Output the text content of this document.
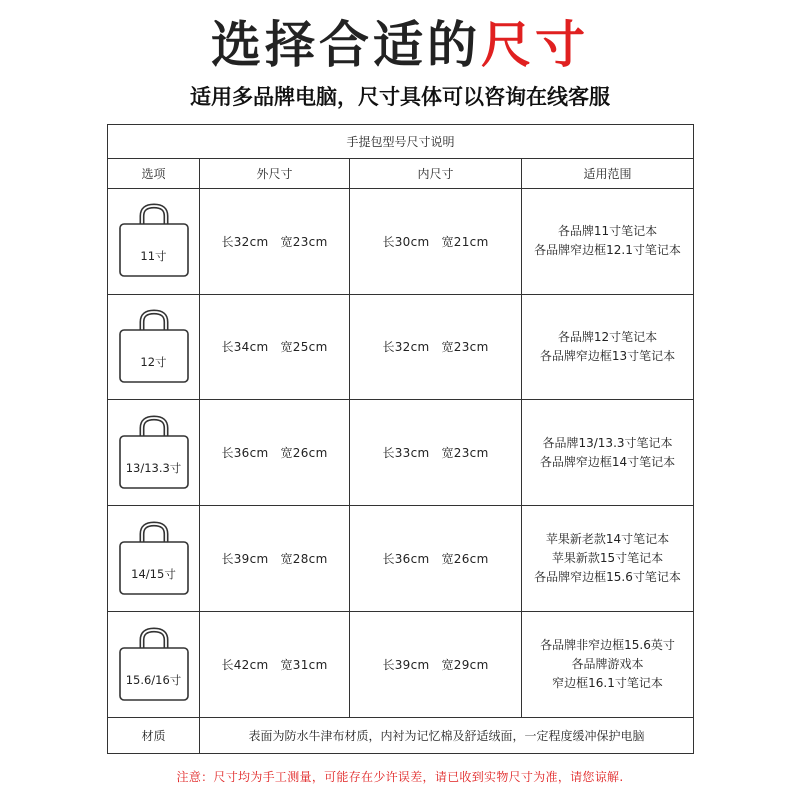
选择合适的尺寸
适用多品牌电脑，尺寸具体可以咨询在线客服
手提包型号尺寸说明			
选项	外尺寸	内尺寸	适用范围

11寸	长32cm 宽23cm	长30cm 宽21cm	各品牌11寸笔记本
各品牌窄边框12.1寸笔记本

12寸	长34cm 宽25cm	长32cm 宽23cm	各品牌12寸笔记本
各品牌窄边框13寸笔记本

13/13.3寸	长36cm 宽26cm	长33cm 宽23cm	各品牌13/13.3寸笔记本
各品牌窄边框14寸笔记本

14/15寸	长39cm 宽28cm	长36cm 宽26cm	苹果新老款14寸笔记本
苹果新款15寸笔记本
各品牌窄边框15.6寸笔记本

15.6/16寸	长42cm 宽31cm	长39cm 宽29cm	各品牌非窄边框15.6英寸
各品牌游戏本
窄边框16.1寸笔记本

材质	表面为防水牛津布材质，内衬为记忆棉及舒适绒面，一定程度缓冲保护电脑		
注意：尺寸均为手工测量，可能存在少许误差，请已收到实物尺寸为准，请您谅解.
